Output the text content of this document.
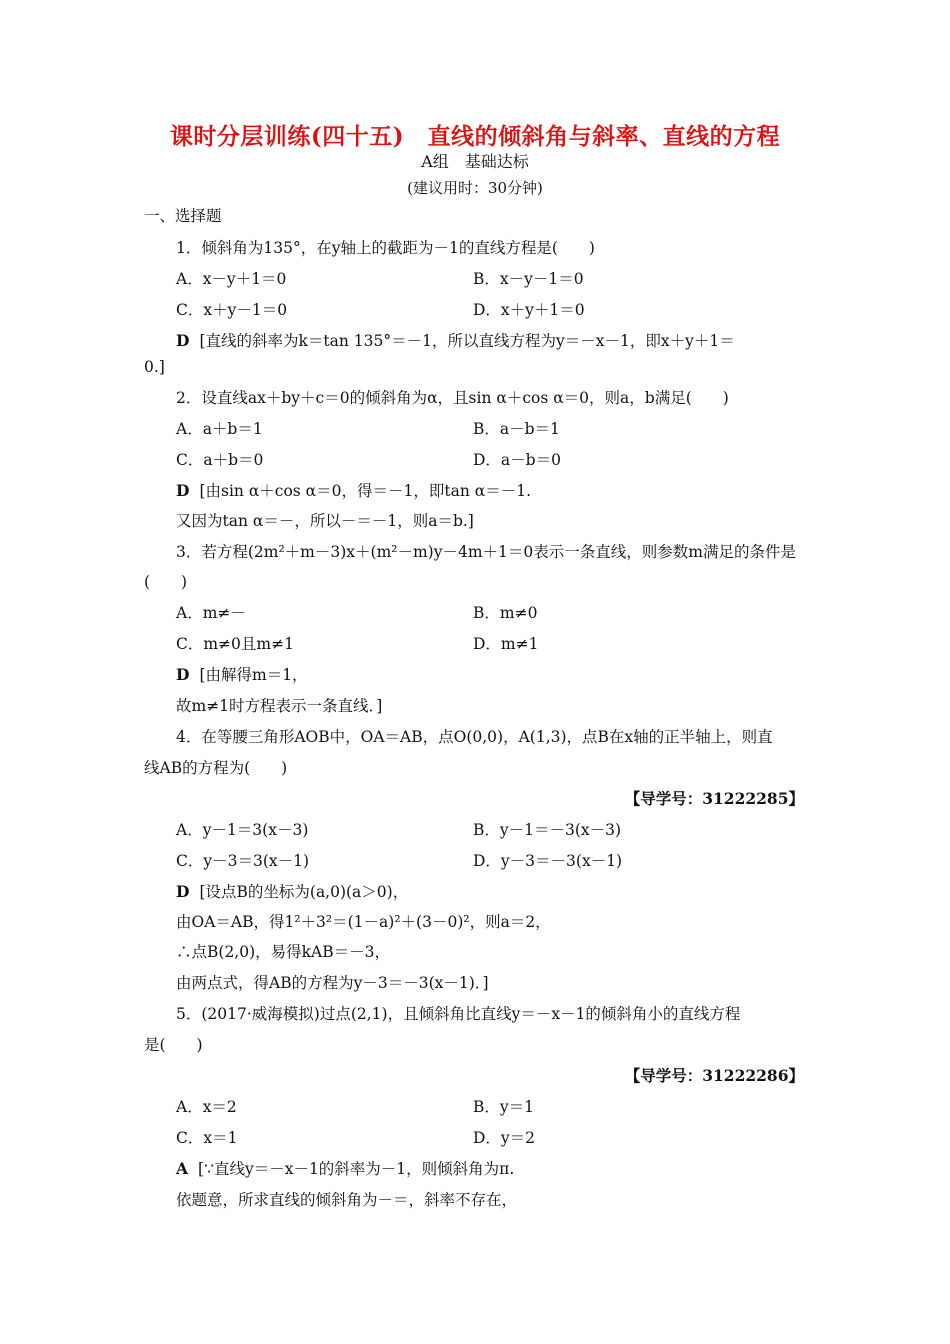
课时分层训练(四十五)　直线的倾斜角与斜率、直线的方程
A组　基础达标
(建议用时：30分钟)
一、选择题
1．倾斜角为135°，在y轴上的截距为－1的直线方程是(　　)
A．x－y＋1＝0	B．x－y－1＝0
C．x＋y－1＝0	D．x＋y＋1＝0
D [直线的斜率为k＝tan 135°＝－1，所以直线方程为y＝－x－1，即x＋y＋1＝
0.]
2．设直线ax＋by＋c＝0的倾斜角为α，且sin α＋cos α＝0，则a，b满足(　　)
A．a＋b＝1	B．a－b＝1
C．a＋b＝0	D．a－b＝0
D [由sin α＋cos α＝0，得＝－1，即tan α＝－1.
又因为tan α＝－，所以－＝－1，则a＝b.]
3．若方程(2m²＋m－3)x＋(m²－m)y－4m＋1＝0表示一条直线，则参数m满足的条件是
(　　)
A．m≠－	B．m≠0
C．m≠0且m≠1	D．m≠1
D [由解得m＝1，
故m≠1时方程表示一条直线．]
4．在等腰三角形AOB中，OA＝AB，点O(0,0)，A(1,3)，点B在x轴的正半轴上，则直
线AB的方程为(　　)
【导学号：31222285】
A．y－1＝3(x－3)	B．y－1＝－3(x－3)
C．y－3＝3(x－1)	D．y－3＝－3(x－1)
D [设点B的坐标为(a,0)(a＞0)，
由OA＝AB，得1²＋3²＝(1－a)²＋(3－0)²，则a＝2，
∴点B(2,0)，易得kAB＝－3，
由两点式，得AB的方程为y－3＝－3(x－1)．]
5．(2017·威海模拟)过点(2,1)，且倾斜角比直线y＝－x－1的倾斜角小的直线方程
是(　　)
【导学号：31222286】
A．x＝2	B．y＝1
C．x＝1	D．y＝2
A [∵直线y＝－x－1的斜率为－1，则倾斜角为π.
依题意，所求直线的倾斜角为－＝，斜率不存在，
